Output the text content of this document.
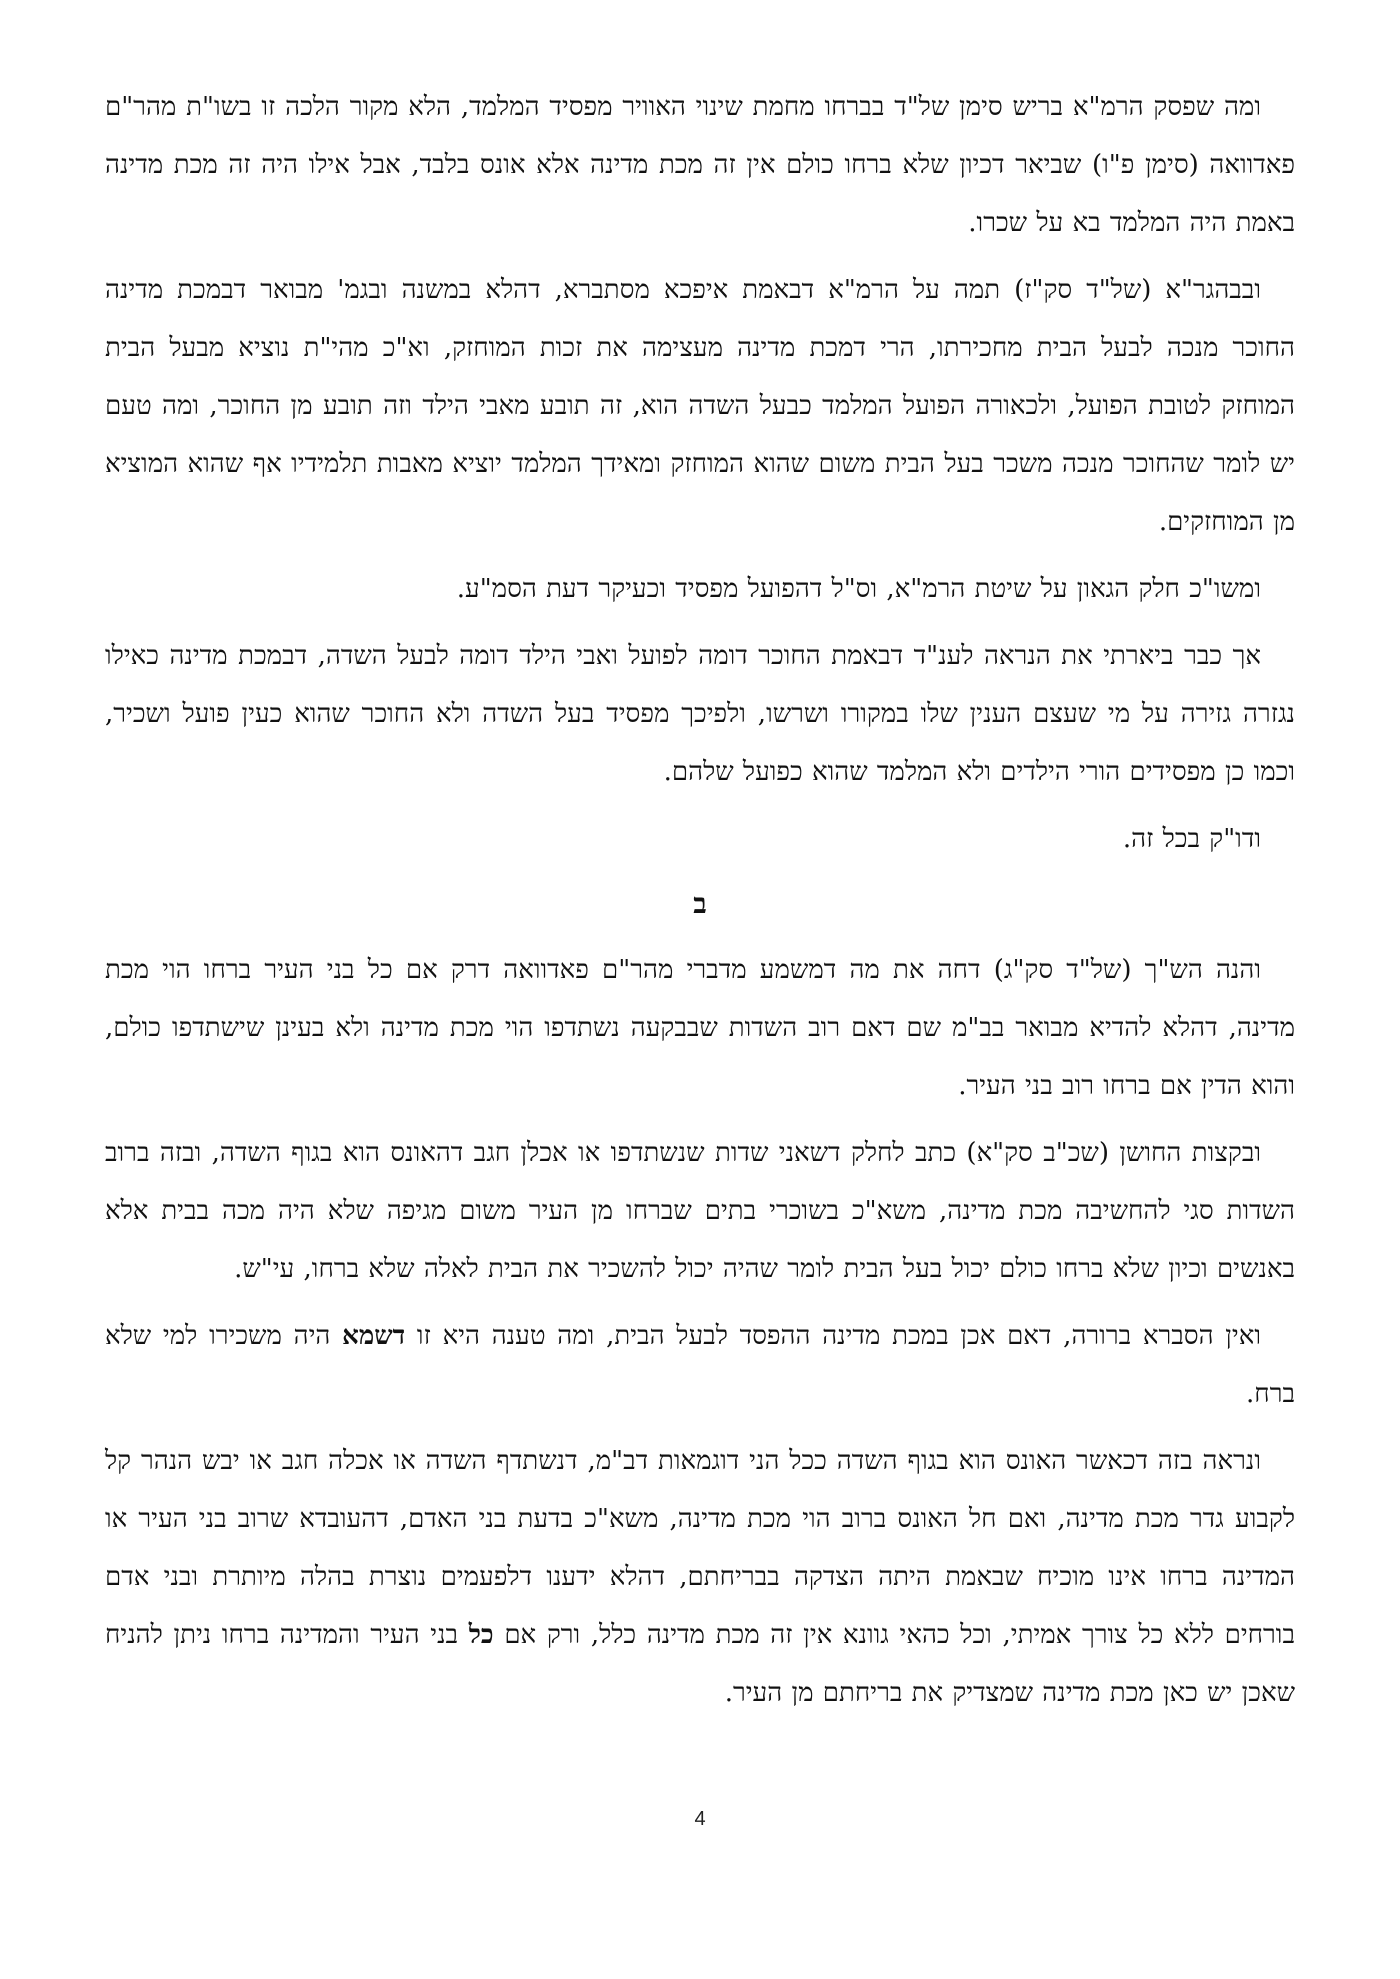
ומה שפסק הרמ"א בריש סימן של"ד בברחו מחמת שינוי האוויר מפסיד המלמד, הלא מקור הלכה זו בשו"ת מהר"ם פאדוואה (סימן פ"ו) שביאר דכיון שלא ברחו כולם אין זה מכת מדינה אלא אונס בלבד, אבל אילו היה זה מכת מדינה באמת היה המלמד בא על שכרו.

ובבהגר"א (של"ד סק"ז) תמה על הרמ"א דבאמת איפכא מסתברא, דהלא במשנה ובגמ' מבואר דבמכת מדינה החוכר מנכה לבעל הבית מחכירתו, הרי דמכת מדינה מעצימה את זכות המוחזק, וא"כ מהי"ת נוציא מבעל הבית המוחזק לטובת הפועל, ולכאורה הפועל המלמד כבעל השדה הוא, זה תובע מאבי הילד וזה תובע מן החוכר, ומה טעם יש לומר שהחוכר מנכה משכר בעל הבית משום שהוא המוחזק ומאידך המלמד יוציא מאבות תלמידיו אף שהוא המוציא מן המוחזקים.

ומשו"כ חלק הגאון על שיטת הרמ"א, וס"ל דהפועל מפסיד וכעיקר דעת הסמ"ע.

אך כבר ביארתי את הנראה לענ"ד דבאמת החוכר דומה לפועל ואבי הילד דומה לבעל השדה, דבמכת מדינה כאילו נגזרה גזירה על מי שעצם הענין שלו במקורו ושרשו, ולפיכך מפסיד בעל השדה ולא החוכר שהוא כעין פועל ושכיר, וכמו כן מפסידים הורי הילדים ולא המלמד שהוא כפועל שלהם.

ודו"ק בכל זה.

ב

והנה הש"ך (של"ד סק"ג) דחה את מה דמשמע מדברי מהר"ם פאדוואה דרק אם כל בני העיר ברחו הוי מכת מדינה, דהלא להדיא מבואר בב"מ שם דאם רוב השדות שבבקעה נשתדפו הוי מכת מדינה ולא בעינן שישתדפו כולם, והוא הדין אם ברחו רוב בני העיר.

ובקצות החושן (שכ"ב סק"א) כתב לחלק דשאני שדות שנשתדפו או אכלן חגב דהאונס הוא בגוף השדה, ובזה ברוב השדות סגי להחשיבה מכת מדינה, משא"כ בשוכרי בתים שברחו מן העיר משום מגיפה שלא היה מכה בבית אלא באנשים וכיון שלא ברחו כולם יכול בעל הבית לומר שהיה יכול להשכיר את הבית לאלה שלא ברחו, עי"ש.

ואין הסברא ברורה, דאם אכן במכת מדינה ההפסד לבעל הבית, ומה טענה היא זו דשמא היה משכירו למי שלא ברח.

ונראה בזה דכאשר האונס הוא בגוף השדה ככל הני דוגמאות דב"מ, דנשתדף השדה או אכלה חגב או יבש הנהר קל לקבוע גדר מכת מדינה, ואם חל האונס ברוב הוי מכת מדינה, משא"כ בדעת בני האדם, דהעובדא שרוב בני העיר או המדינה ברחו אינו מוכיח שבאמת היתה הצדקה בבריחתם, דהלא ידענו דלפעמים נוצרת בהלה מיותרת ובני אדם בורחים ללא כל צורך אמיתי, וכל כהאי גוונא אין זה מכת מדינה כלל, ורק אם כל בני העיר והמדינה ברחו ניתן להניח שאכן יש כאן מכת מדינה שמצדיק את בריחתם מן העיר.

4
